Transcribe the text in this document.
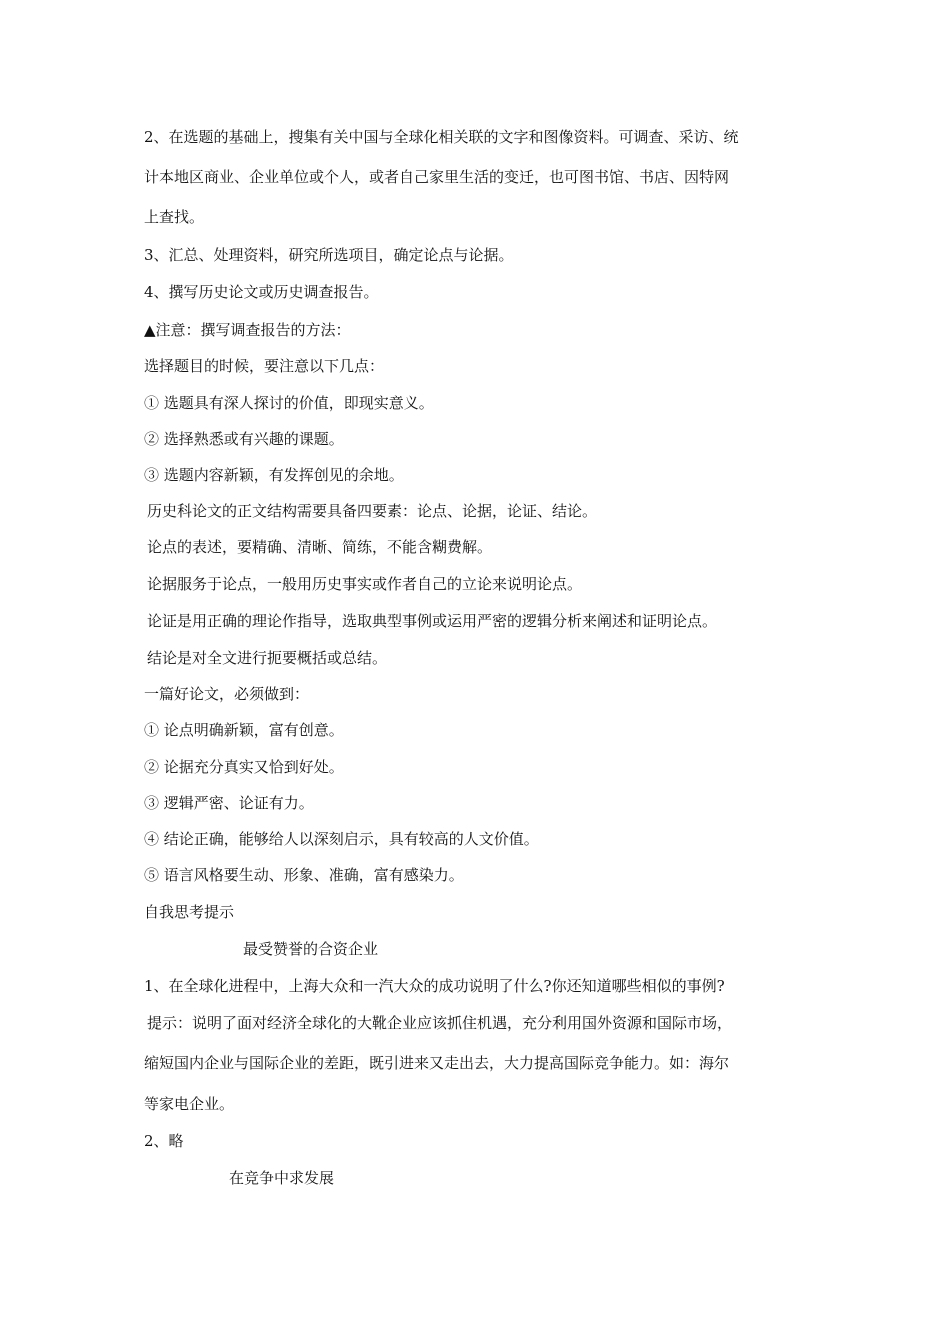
2、在选题的基础上，搜集有关中国与全球化相关联的文字和图像资料。可调查、采访、统
计本地区商业、企业单位或个人，或者自己家里生活的变迁，也可图书馆、书店、因特网
上查找。
3、汇总、处理资料，研究所选项目，确定论点与论据。
4、撰写历史论文或历史调查报告。
▲注意：撰写调查报告的方法：
选择题目的时候，要注意以下几点：
① 选题具有深人探讨的价值，即现实意义。
② 选择熟悉或有兴趣的课题。
③ 选题内容新颖，有发挥创见的余地。
历史科论文的正文结构需要具备四要素：论点、论据，论证、结论。
论点的表述，要精确、清晰、简练，不能含糊费解。
论据服务于论点，一般用历史事实或作者自己的立论来说明论点。
论证是用正确的理论作指导，选取典型事例或运用严密的逻辑分析来阐述和证明论点。
结论是对全文进行扼要概括或总结。
一篇好论文，必须做到：
① 论点明确新颖，富有创意。
② 论据充分真实又恰到好处。
③ 逻辑严密、论证有力。
④ 结论正确，能够给人以深刻启示，具有较高的人文价值。
⑤ 语言风格要生动、形象、准确，富有感染力。
自我思考提示
最受赞誉的合资企业
1、在全球化进程中，上海大众和一汽大众的成功说明了什么?你还知道哪些相似的事例?
提示：说明了面对经济全球化的大靴企业应该抓住机遇，充分利用国外资源和国际市场，
缩短国内企业与国际企业的差距，既引进来又走出去，大力提高国际竞争能力。如：海尔
等家电企业。
2、略
在竞争中求发展
